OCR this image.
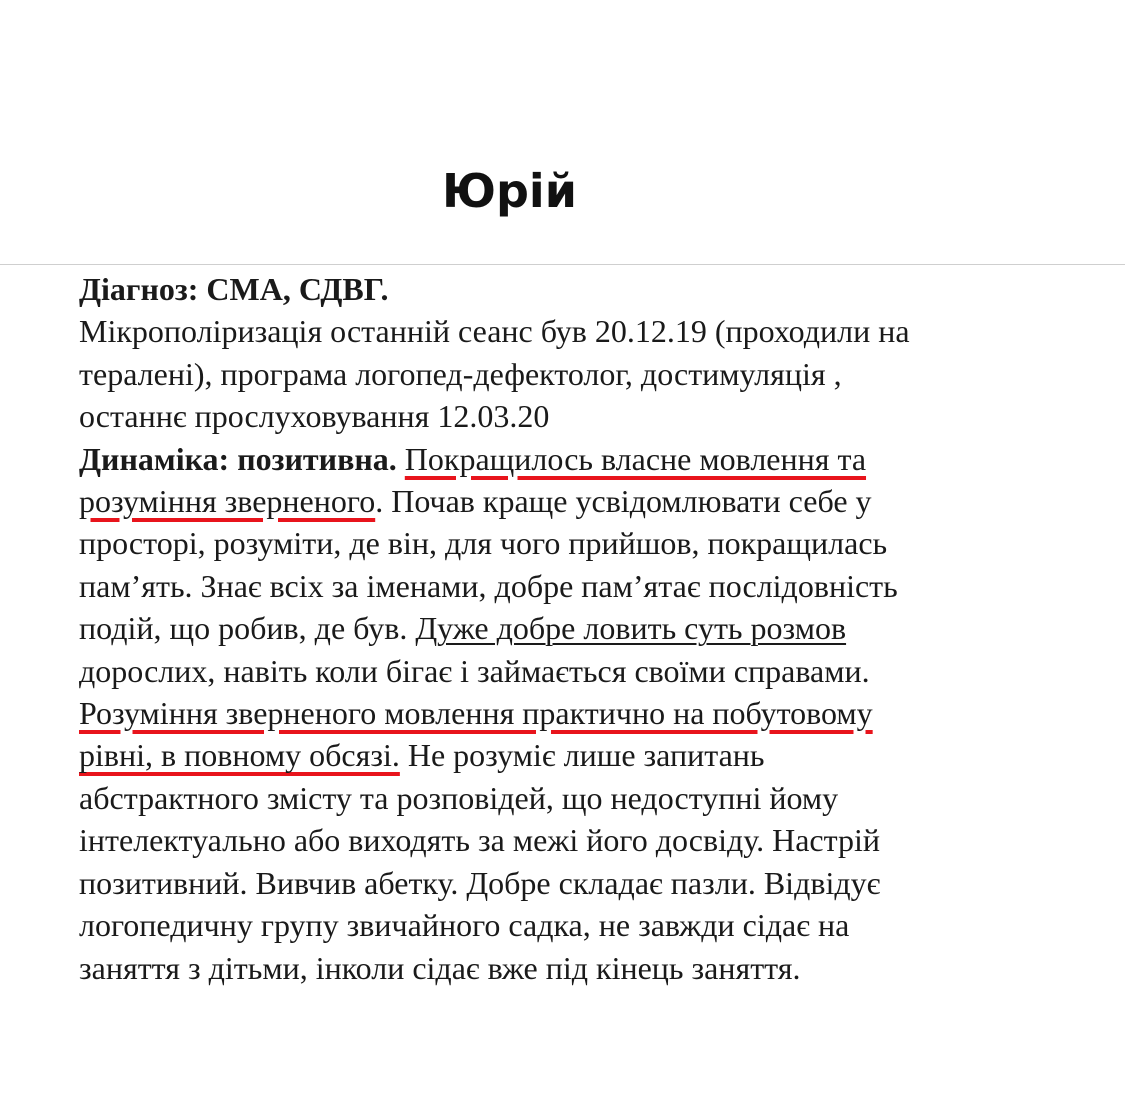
Юрій
Діагноз: СМА, СДВГ.
Мікрополіризація останній сеанс був 20.12.19 (проходили на
тералені), програма логопед-дефектолог, достимуляція ,
останнє прослуховування 12.03.20
Динаміка: позитивна. Покращилось власне мовлення та
розуміння зверненого. Почав краще усвідомлювати себе у
просторі, розуміти, де він, для чого прийшов, покращилась
пам’ять. Знає всіх за іменами, добре пам’ятає послідовність
подій, що робив, де був. Дуже добре ловить суть розмов
дорослих, навіть коли бігає і займається своїми справами.
Розуміння зверненого мовлення практично на побутовому
рівні, в повному обсязі. Не розуміє лише запитань
абстрактного змісту та розповідей, що недоступні йому
інтелектуально або виходять за межі його досвіду. Настрій
позитивний. Вивчив абетку. Добре складає пазли. Відвідує
логопедичну групу звичайного садка, не завжди сідає на
заняття з дітьми, інколи сідає вже під кінець заняття.
